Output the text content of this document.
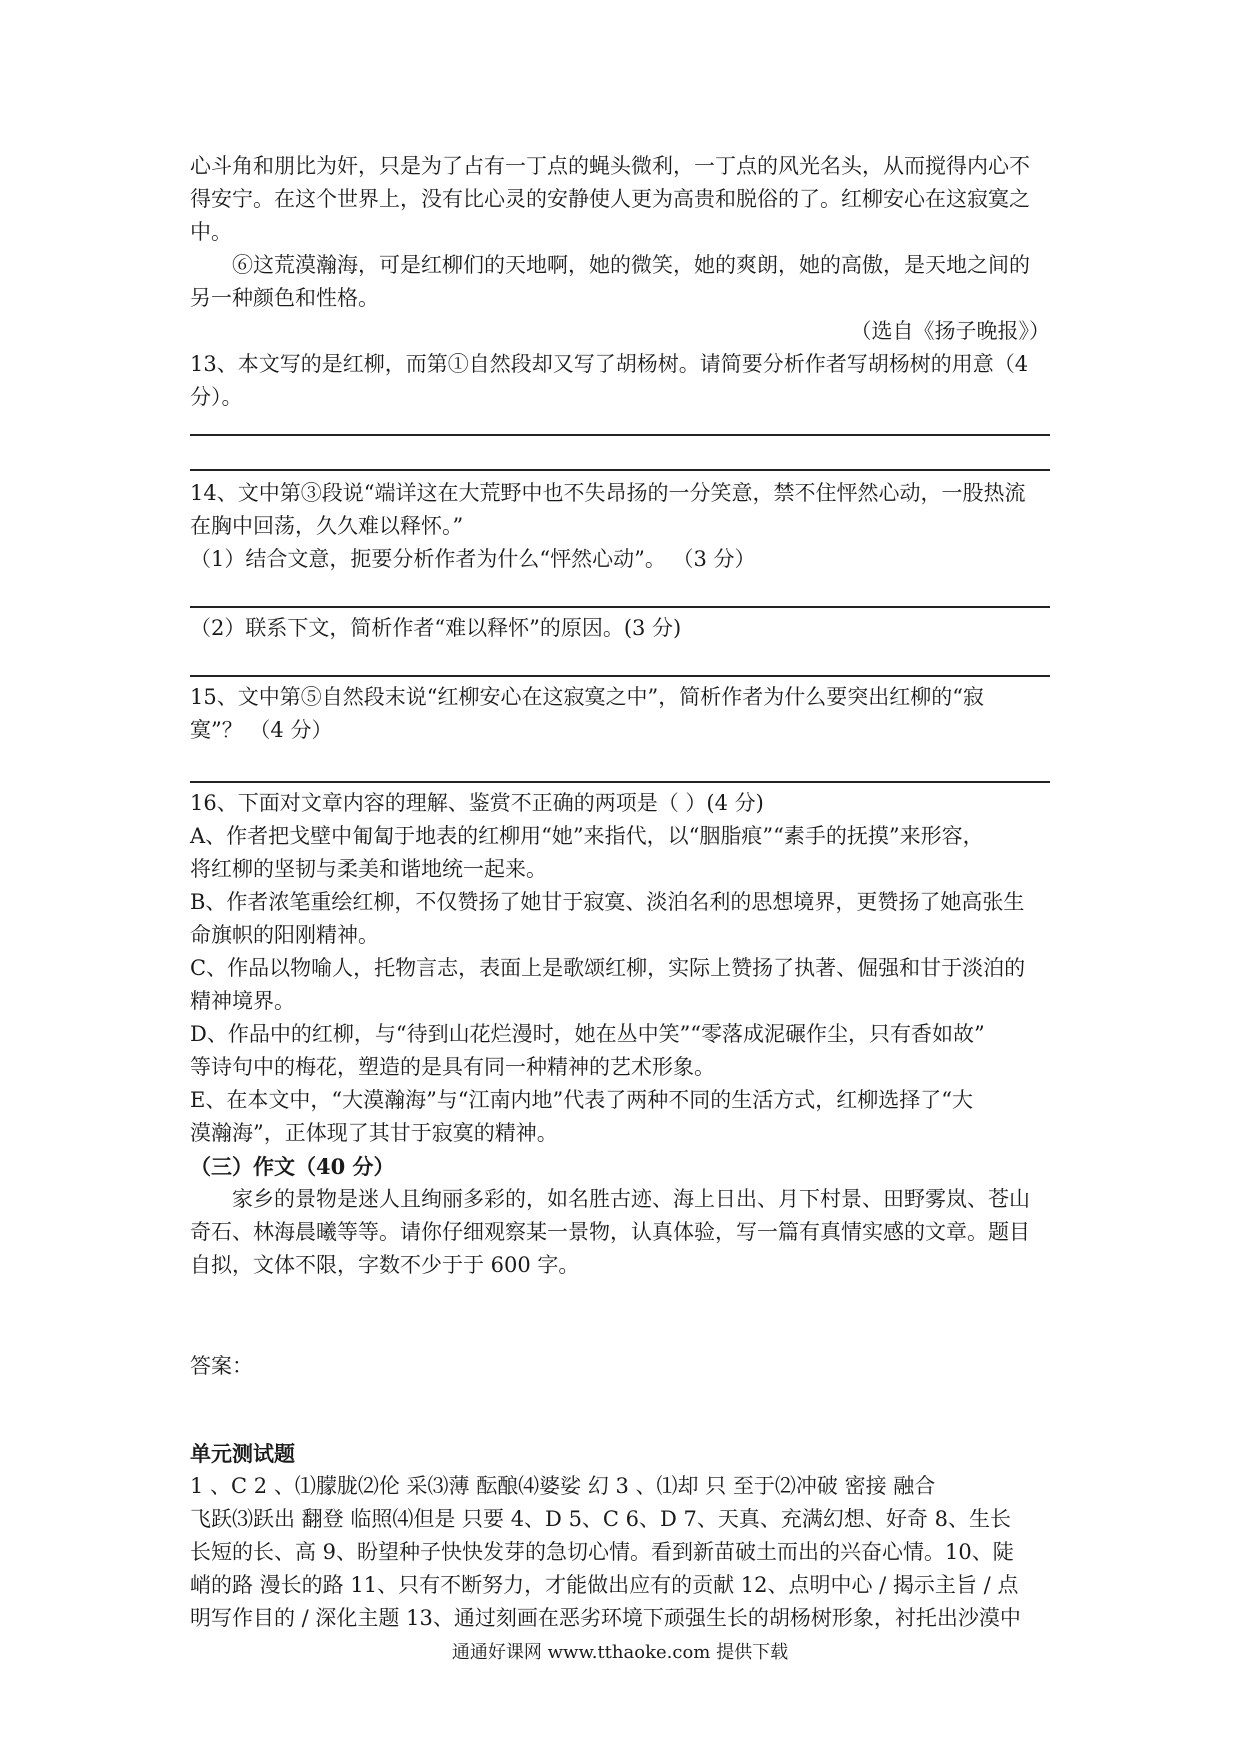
心斗角和朋比为奸，只是为了占有一丁点的蝇头微利，一丁点的风光名头，从而搅得内心不
得安宁。在这个世界上，没有比心灵的安静使人更为高贵和脱俗的了。红柳安心在这寂寞之
中。
⑥这荒漠瀚海，可是红柳们的天地啊，她的微笑，她的爽朗，她的高傲，是天地之间的
另一种颜色和性格。
（选自《扬子晚报》）
13、本文写的是红柳，而第①自然段却又写了胡杨树。请简要分析作者写胡杨树的用意（4
分）。
14、文中第③段说“端详这在大荒野中也不失昂扬的一分笑意，禁不住怦然心动，一股热流
在胸中回荡，久久难以释怀。”
（1）结合文意，扼要分析作者为什么“怦然心动”。 （3 分）
（2）联系下文，简析作者“难以释怀”的原因。(3 分)
15、文中第⑤自然段末说“红柳安心在这寂寞之中”，简析作者为什么要突出红柳的“寂
寞”？ （4 分）
16、下面对文章内容的理解、鉴赏不正确的两项是（ ）(4 分)
A、作者把戈壁中匍匐于地表的红柳用“她”来指代，以“胭脂痕”“素手的抚摸”来形容，
将红柳的坚韧与柔美和谐地统一起来。
B、作者浓笔重绘红柳，不仅赞扬了她甘于寂寞、淡泊名利的思想境界，更赞扬了她高张生
命旗帜的阳刚精神。
C、作品以物喻人，托物言志，表面上是歌颂红柳，实际上赞扬了执著、倔强和甘于淡泊的
精神境界。
D、作品中的红柳，与“待到山花烂漫时，她在丛中笑”“零落成泥碾作尘，只有香如故”
等诗句中的梅花，塑造的是具有同一种精神的艺术形象。
E、在本文中，“大漠瀚海”与“江南内地”代表了两种不同的生活方式，红柳选择了“大
漠瀚海”，正体现了其甘于寂寞的精神。
（三）作文（40 分）
家乡的景物是迷人且绚丽多彩的，如名胜古迹、海上日出、月下村景、田野雾岚、苍山
奇石、林海晨曦等等。请你仔细观察某一景物，认真体验，写一篇有真情实感的文章。题目
自拟，文体不限，字数不少于于 600 字。
答案：
单元测试题
1 、C 2 、⑴朦胧⑵伦 采⑶薄 酝酿⑷婆娑 幻 3 、⑴却 只 至于⑵冲破 密接 融合
飞跃⑶跃出 翻登 临照⑷但是 只要 4、D 5、C 6、D 7、天真、充满幻想、好奇 8、生长
长短的长、高 9、盼望种子快快发芽的急切心情。看到新苗破土而出的兴奋心情。10、陡
峭的路 漫长的路 11、只有不断努力，才能做出应有的贡献 12、点明中心 / 揭示主旨 / 点
明写作目的 / 深化主题 13、通过刻画在恶劣环境下顽强生长的胡杨树形象，衬托出沙漠中
通通好课网 www.tthaoke.com 提供下载
